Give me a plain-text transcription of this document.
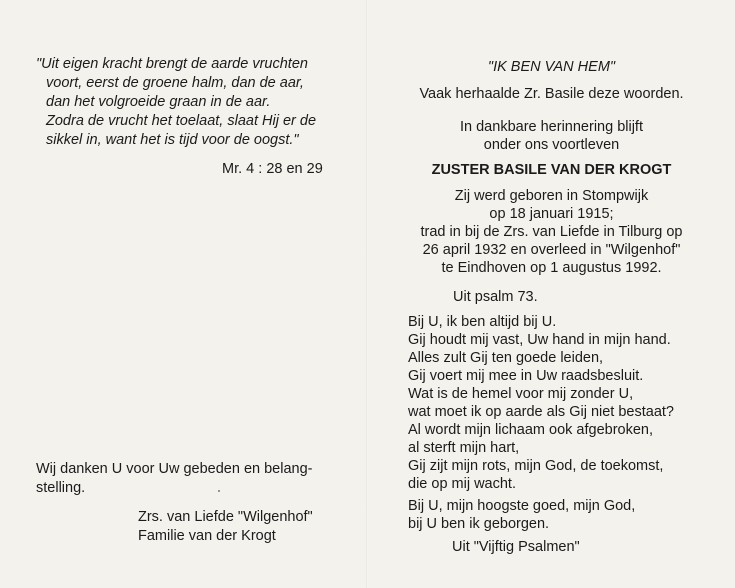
"Uit eigen kracht brengt de aarde vruchten
voort, eerst de groene halm, dan de aar,
dan het volgroeide graan in de aar.
Zodra de vrucht het toelaat, slaat Hij er de
sikkel in, want het is tijd voor de oogst."
Mr. 4 : 28 en 29
Wij danken U voor Uw gebeden en belang-
stelling.
Zrs. van Liefde "Wilgenhof"
Familie van der Krogt
"IK BEN VAN HEM"
Vaak herhaalde Zr. Basile deze woorden.
In dankbare herinnering blijft
onder ons voortleven
ZUSTER BASILE VAN DER KROGT
Zij werd geboren in Stompwijk
op 18 januari 1915;
trad in bij de Zrs. van Liefde in Tilburg op
26 april 1932 en overleed in "Wilgenhof"
te Eindhoven op 1 augustus 1992.
Uit psalm 73.
Bij U, ik ben altijd bij U.
Gij houdt mij vast, Uw hand in mijn hand.
Alles zult Gij ten goede leiden,
Gij voert mij mee in Uw raadsbesluit.
Wat is de hemel voor mij zonder U,
wat moet ik op aarde als Gij niet bestaat?
Al wordt mijn lichaam ook afgebroken,
al sterft mijn hart,
Gij zijt mijn rots, mijn God, de toekomst,
die op mij wacht.
Bij U, mijn hoogste goed, mijn God,
bij U ben ik geborgen.
Uit "Vijftig Psalmen"
